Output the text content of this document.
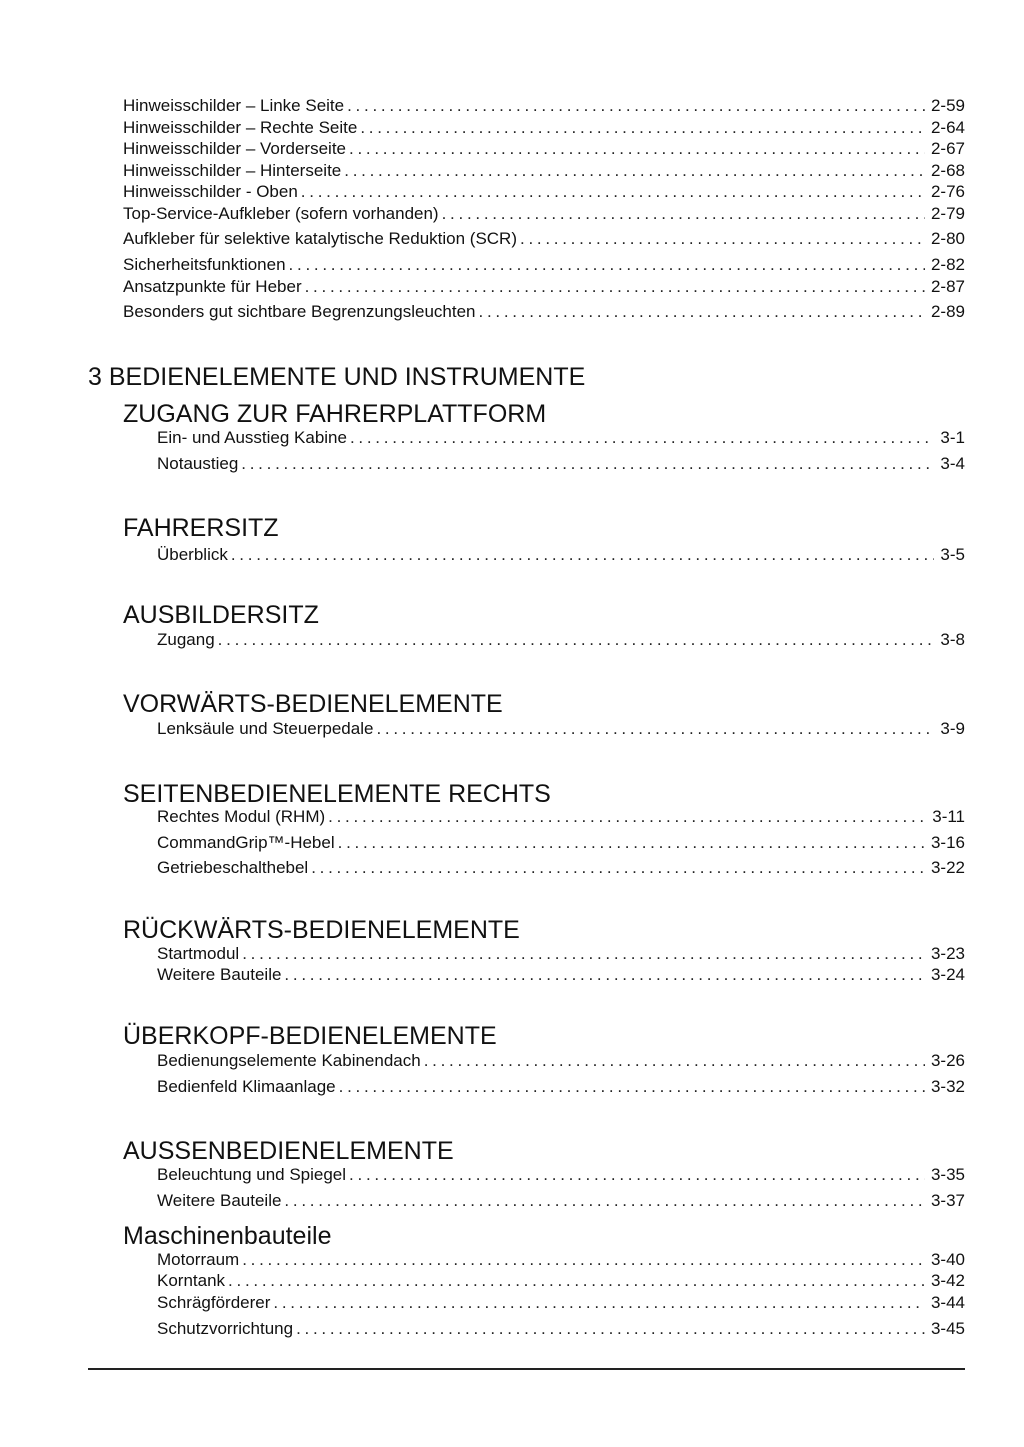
Hinweisschilder – Linke Seite . . .	2-59
Hinweisschilder – Rechte Seite . . .	2-64
Hinweisschilder – Vorderseite . . .	2-67
Hinweisschilder – Hinterseite . . .	2-68
Hinweisschilder - Oben . . .	2-76
Top-Service-Aufkleber (sofern vorhanden) . . .	2-79
Aufkleber für selektive katalytische Reduktion (SCR) . . .	2-80
Sicherheitsfunktionen . . .	2-82
Ansatzpunkte für Heber . . .	2-87
Besonders gut sichtbare Begrenzungsleuchten . . .	2-89
3 BEDIENELEMENTE UND INSTRUMENTE
ZUGANG ZUR FAHRERPLATTFORM
Ein- und Ausstieg Kabine . . .	3-1
Notaustieg . . .	3-4
FAHRERSITZ
Überblick . . .	3-5
AUSBILDERSITZ
Zugang . . .	3-8
VORWÄRTS-BEDIENELEMENTE
Lenksäule und Steuerpedale . . .	3-9
SEITENBEDIENELEMENTE RECHTS
Rechtes Modul (RHM) . . .	3-11
CommandGrip™-Hebel . . .	3-16
Getriebeschalthebel . . .	3-22
RÜCKWÄRTS-BEDIENELEMENTE
Startmodul . . .	3-23
Weitere Bauteile . . .	3-24
ÜBERKOPF-BEDIENELEMENTE
Bedienungselemente Kabinendach . . .	3-26
Bedienfeld Klimaanlage . . .	3-32
AUSSENBEDIENELEMENTE
Beleuchtung und Spiegel . . .	3-35
Weitere Bauteile . . .	3-37
Maschinenbauteile
Motorraum . . .	3-40
Korntank . . .	3-42
Schrägförderer . . .	3-44
Schutzvorrichtung . . .	3-45
